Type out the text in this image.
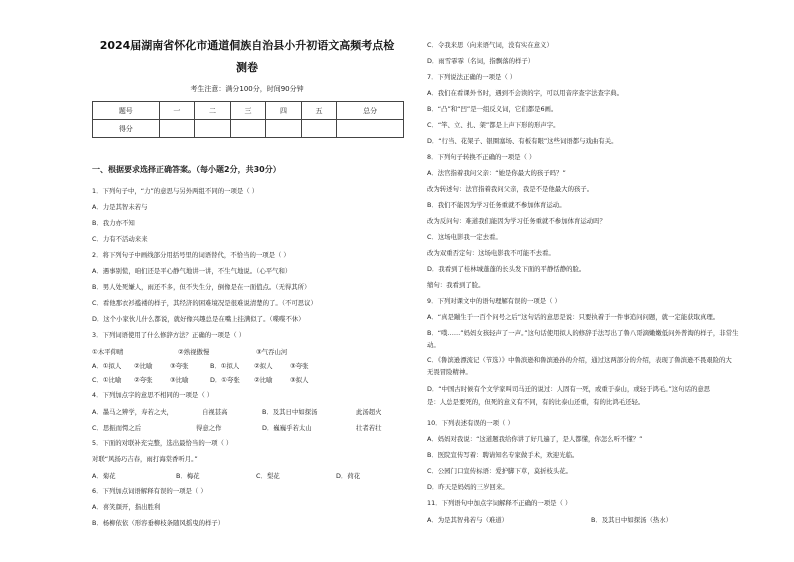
2024届湖南省怀化市通道侗族自治县小升初语文高频考点检
测卷
考生注意：满分100分，时间90分钟
题号	一	二	三	四	五	总分
得分						
一、根据要求选择正确答案。（每小题2分，共30分）
1．下列句子中，“力”的意思与另外两组不同的一项是（ ）
A．力是其智未若与
B．我力亦不知
C．力有不活动来来
2．将下列句子中画线部分用括号里的词语替代，不恰当的一项是（ ）
A．遇事别慌，咱们还是平心静气地讲一讲，不生气地说。（心平气和）
B．男人处死嫌人，雨还不多，但不失生分，倒像是在一面值点。（无得其所）
C．看他那衣衫褴褛的样子，其经济的困难境况是很难说清楚的了。（不可思议）
D．这个小家伙儿什么都说，就好像兴趣总是在嘴上挂满似了。（喋喋不休）
3．下列词语使用了什么修辞方法？正确的一项是（ ）
①木平仰晴	②熟视傲慢	③气吞山河
A．①拟人 ②比喻	③夸张	B．①拟人 ②拟人	③夸张
C．①比喻 ②夸张	③比喻	D．①夸张 ②比喻	③拟人
4．下列加点字的意思不相同的一项是（ ）
A．墨马之辨学，寿若之夫，	自视甚高	B．及其日中如探汤	此汤超火
C．思振而愕之后	得意之作	D．巍巍乎若太山	壮者若壮
5．下面的对联补充完整，选出最恰当的一项（ ）
对联“风扬巧吉春，雨打海棠香听月。”
A．菊花	B．梅花	C．梨花	D．荷花
6．下列加点词语解释有误的一项是（ ）
A．喜笑颜开，指出胜利
B．杨柳依依（形容垂柳枝条随风摇曳的样子）
C．令我来思（向来语气词，没有实在意义）
D．雨雪霏霏（名词，指飘落的样子）
7．下列说法正确的一项是（ ）
A．我们在看课外书时，遇到不会读的字，可以用音序查字法查字典。
B．“凸”和“凹”是一组反义词，它们都是6画。
C．“竿、立、扎、架”都是上声下形的形声字。
D．“行当、花架子、银圈塞场、有板有眼”这些词语都与戏曲有关。
8．下列句子转换不正确的一项是（ ）
A．法官指着我问父亲：“她是你最大的孩子吗？”
改为转述句：法官指着我问父亲，我是不是他最大的孩子。
B．我们不能因为学习任务重就不参加体育运动。
改为反问句：难道我们能因为学习任务重就不参加体育运动吗？
C．这场电影我一定去看。
改为双重否定句：这场电影我不可能不去看。
D．我看到了桂林城蓬蓬的长头发下面的平静恬静的脸。
缩句：我看到了脸。
9．下列对课文中的语句理解有误的一项是（ ）
A．“真是蹦生于一百个问号之后”这句话的意思是说：只要执着于一件事追问问题，就一定能获取真理。
B．“噗……”妈妈女孩轻声了一声。”这句话使用拟人的修辞手法写出了鲁八哥滴嫩嫩低问外普淘的样子，非常生
动。
C．《鲁滨逊漂流记（节选）》中鲁滨逊和鲁滨逊孙的介绍，通过这两部分的介绍，表现了鲁滨逊不畏艰险的大
无畏冒险精神。
D．“中国古时候有个文学家叫司马迁的说过：人固有一死，或重于泰山，或轻于鸿毛。”这句话的意思
是：人总是要死的，但死的意义有不同，有的比泰山还重，有的比鸿毛还轻。
10．下列表述有误的一项（ ）
A．妈妈对我说：“这道题我给你讲了好几遍了，是人都懂，你怎么听不懂？”
B．医院宣传写着：聘请知名专家做手术，欢迎光临。
C．公园门口宣传标语：爱护脚下草，莫折枝头花。
D．昨天是妈妈的三岁回来。
11．下列语句中加点字词解释不正确的一项是（ ）
A．为是其智弗若与（难道）	B．及其日中如探汤（热水）
